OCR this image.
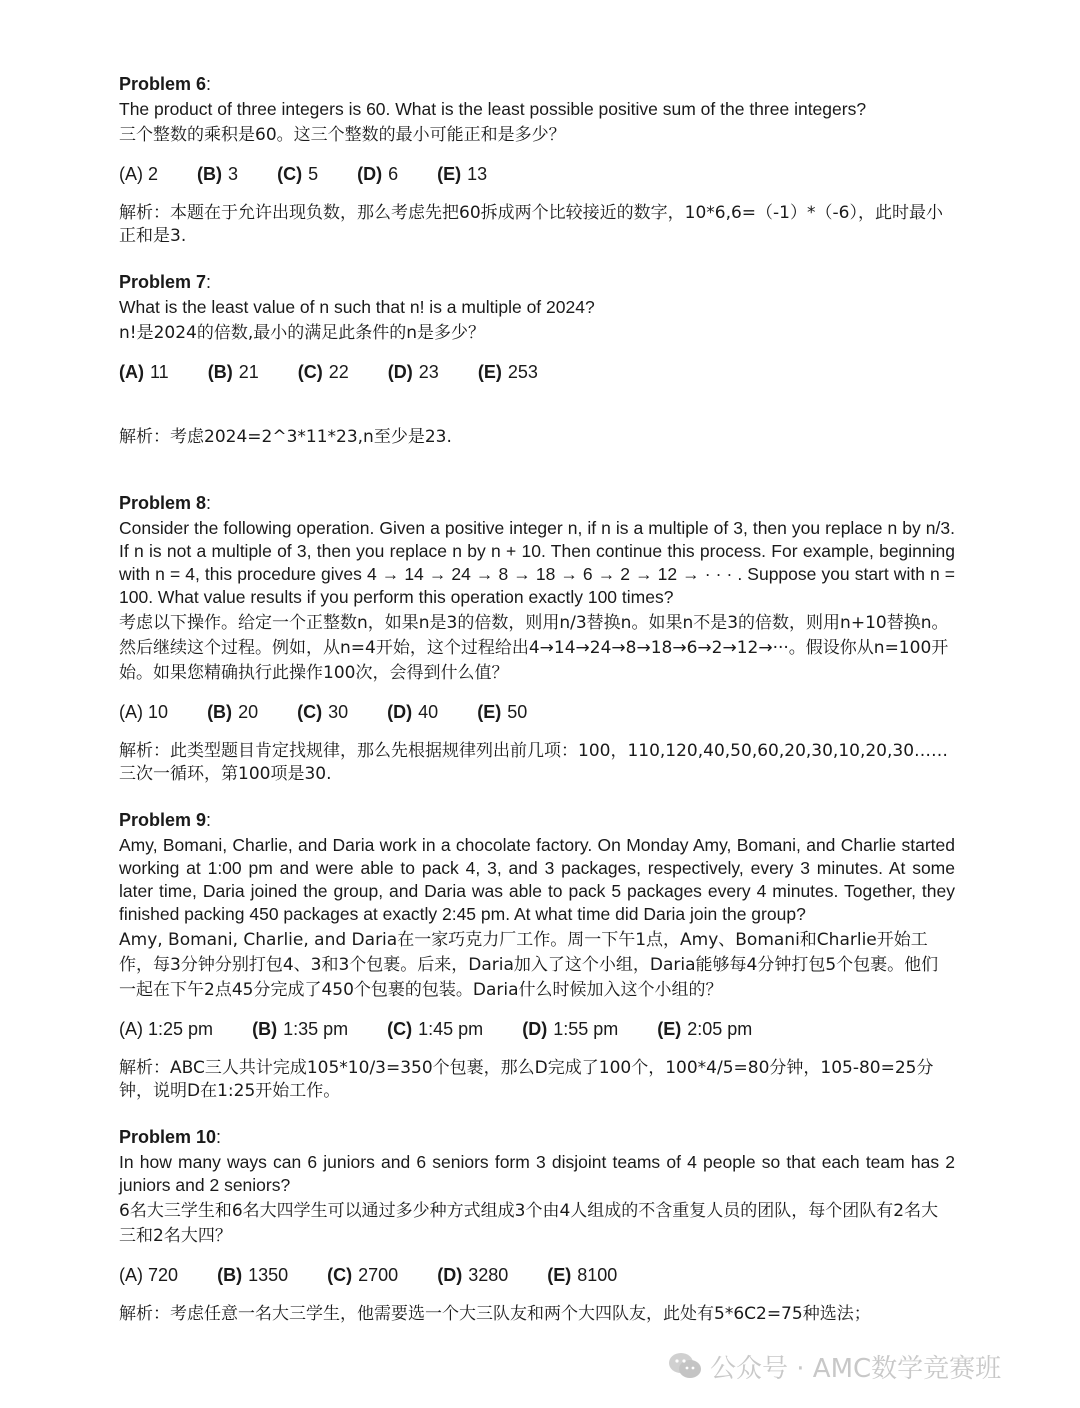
Problem 6:

The product of three integers is 60. What is the least possible positive sum of the three integers?

三个整数的乘积是60。这三个整数的最小可能正和是多少？

(A) 2 (B) 3 (C) 5 (D) 6 (E) 13

解析：本题在于允许出现负数，那么考虑先把60拆成两个比较接近的数字，10*6,6=（-1）*（-6），此时最小正和是3.

Problem 7:

What is the least value of n such that n! is a multiple of 2024?

n!是2024的倍数,最小的满足此条件的n是多少？

(A) 11 (B) 21 (C) 22 (D) 23 (E) 253

解析：考虑2024=2^3*11*23,n至少是23.

Problem 8:

Consider the following operation. Given a positive integer n, if n is a multiple of 3, then you replace n by n/3. If n is not a multiple of 3, then you replace n by n + 10. Then continue this process. For example, beginning with n = 4, this procedure gives 4 → 14 → 24 → 8 → 18 → 6 → 2 → 12 → · · · . Suppose you start with n = 100. What value results if you perform this operation exactly 100 times?

考虑以下操作。给定一个正整数n，如果n是3的倍数，则用n/3替换n。如果n不是3的倍数，则用n+10替换n。然后继续这个过程。例如，从n=4开始，这个过程给出4→14→24→8→18→6→2→12→···。假设你从n=100开始。如果您精确执行此操作100次，会得到什么值？

(A) 10 (B) 20 (C) 30 (D) 40 (E) 50

解析：此类型题目肯定找规律，那么先根据规律列出前几项：100，110,120,40,50,60,20,30,10,20,30……三次一循环，第100项是30.

Problem 9:

Amy, Bomani, Charlie, and Daria work in a chocolate factory. On Monday Amy, Bomani, and Charlie started working at 1:00 pm and were able to pack 4, 3, and 3 packages, respectively, every 3 minutes. At some later time, Daria joined the group, and Daria was able to pack 5 packages every 4 minutes. Together, they finished packing 450 packages at exactly 2:45 pm. At what time did Daria join the group?

Amy, Bomani, Charlie, and Daria在一家巧克力厂工作。周一下午1点，Amy、Bomani和Charlie开始工作，每3分钟分别打包4、3和3个包裹。后来，Daria加入了这个小组，Daria能够每4分钟打包5个包裹。他们一起在下午2点45分完成了450个包裹的包装。Daria什么时候加入这个小组的？

(A) 1:25 pm (B) 1:35 pm (C) 1:45 pm (D) 1:55 pm (E) 2:05 pm

解析：ABC三人共计完成105*10/3=350个包裹，那么D完成了100个，100*4/5=80分钟，105-80=25分钟，说明D在1:25开始工作。

Problem 10:

In how many ways can 6 juniors and 6 seniors form 3 disjoint teams of 4 people so that each team has 2 juniors and 2 seniors?

6名大三学生和6名大四学生可以通过多少种方式组成3个由4人组成的不含重复人员的团队，每个团队有2名大三和2名大四？

(A) 720 (B) 1350 (C) 2700 (D) 3280 (E) 8100

解析：考虑任意一名大三学生，他需要选一个大三队友和两个大四队友，此处有5*6C2=75种选法；

公众号 · AMC数学竞赛班
